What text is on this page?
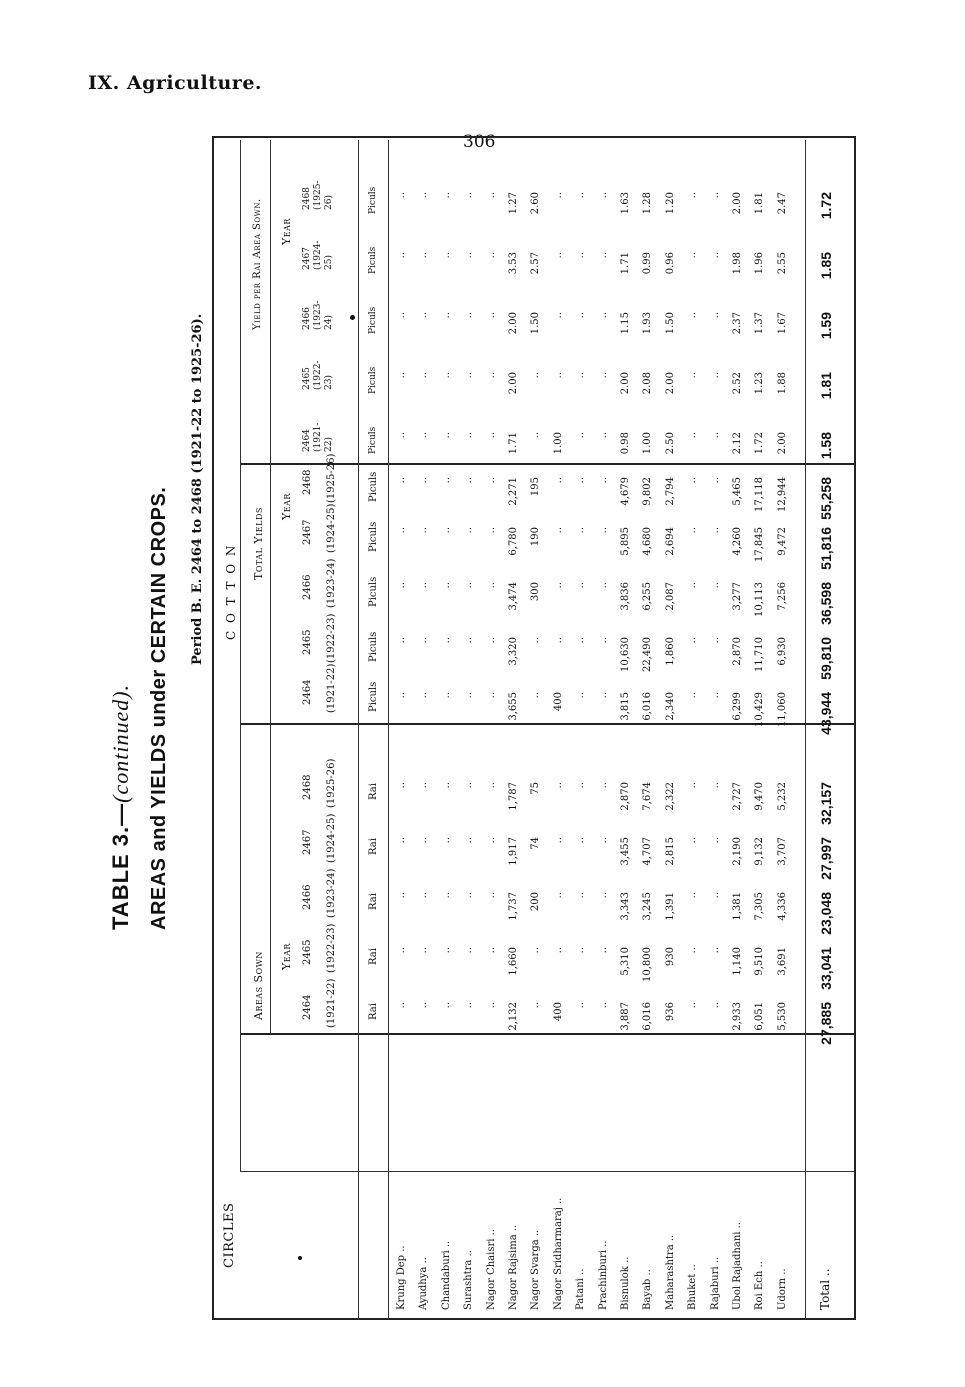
IX. Agriculture.
306
TABLE 3.—(continued). AREAS and YIELDS under CERTAIN CROPS. Period B. E. 2464 to 2468 (1921-22 to 1925-26).
CIRCLES
C O T T O N
Areas Sown
Total Yields
Yield per Rai Area Sown.
Year
Year
Year
2464 (1921-22)
2464 (1921-22)
2464
(1921-
22)
2465 (1922-23)
2465 (1922-23)
2465
(1922-
23)
2466 (1923-24)
2466 (1923-24)
2466
(1923-
24)
2467 (1924-25)
2467 (1924-25)
2467
(1924-
25)
2468 (1925-26)
2468 (1925-26)
2468
(1925-
26)
Rai
Piculs
Piculs
Rai
Piculs
Piculs
Rai
Piculs
Piculs
Rai
Piculs
Piculs
Rai
Piculs
Piculs
Krung Dep ..
..
..
..
..
..
..
..
..
..
..
..
..
..
..
..
Ayudhya ..
..
..
..
..
..
..
..
..
..
..
..
..
..
..
..
Chandaburi ..
..
..
..
..
..
..
..
..
..
..
..
..
..
..
..
Surashtra ..
..
..
..
..
..
..
..
..
..
..
..
..
..
..
..
Nagor Chaisri ..
..
..
..
..
..
..
..
..
..
..
..
..
..
..
..
Nagor Rajsima ..
2,132
1,660
1,737
1,917
1,787
3,655
3,320
3,474
6,780
2,271
1.71
2.00
2.00
3.53
1.27
Nagor Svarga ..
..
..
200
74
75
..
..
300
190
195
..
..
1.50
2.57
2.60
Nagor Sridharmaraj ..
400
..
..
..
..
400
..
..
..
..
1.00
..
..
..
..
Patani ..
..
..
..
..
..
..
..
..
..
..
..
..
..
..
..
Prachinburi ..
..
..
..
..
..
..
..
..
..
..
..
..
..
..
..
Bisnulok ..
3,887
5,310
3,343
3,455
2,870
3,815
10,630
3,836
5,895
4,679
0.98
2.00
1.15
1.71
1.63
Bayab ..
6,016
10,800
3,245
4,707
7,674
6,016
22,490
6,255
4,680
9,802
1.00
2.08
1.93
0.99
1.28
Maharashtra ..
936
930
1,391
2,815
2,322
2,340
1,860
2,087
2,694
2,794
2.50
2.00
1.50
0.96
1.20
Bhuket ..
..
..
..
..
..
..
..
..
..
..
..
..
..
..
..
Rajaburi ..
..
..
..
..
..
..
..
..
..
..
..
..
..
..
..
Ubol Rajadhani ..
2,933
1,140
1,381
2,190
2,727
6,299
2,870
3,277
4,260
5,465
2.12
2.52
2.37
1.98
2.00
Roi Ech ..
6,051
9,510
7,305
9,132
9,470
10,429
11,710
10,113
17,845
17,118
1.72
1.23
1.37
1.96
1.81
Udorn ..
5,530
3,691
4,336
3,707
5,232
11,060
6,930
7,256
9,472
12,944
2.00
1.88
1.67
2.55
2.47
Total ..
27,885
33,041
23,048
27,997
32,157
43,944
59,810
36,598
51,816
55,258
1.58
1.81
1.59
1.85
1.72
